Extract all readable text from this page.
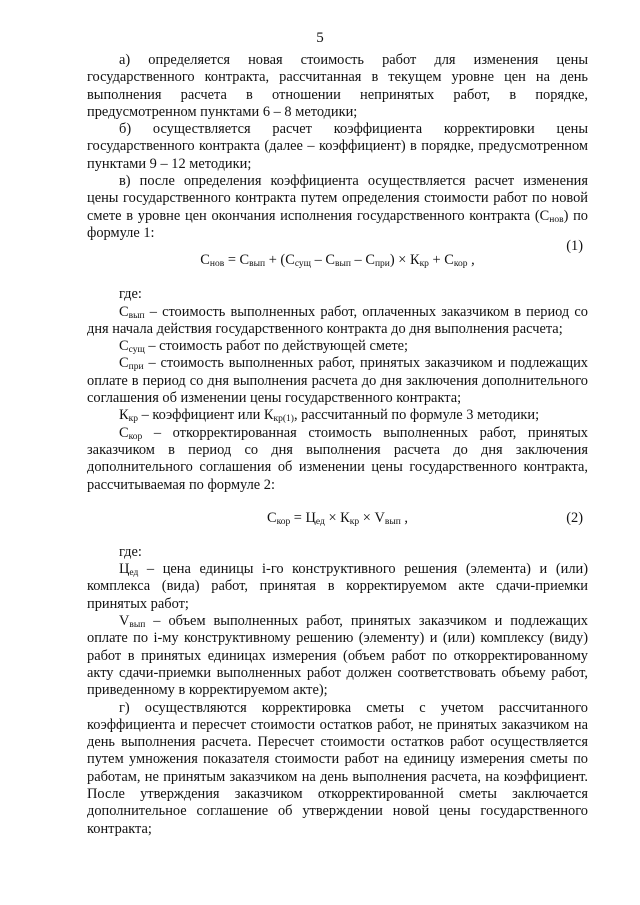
5

а) определяется новая стоимость работ для изменения цены государственного контракта, рассчитанная в текущем уровне цен на день выполнения расчета в отношении непринятых работ, в порядке, предусмотренном пунктами 6 – 8 методики;

б) осуществляется расчет коэффициента корректировки цены государственного контракта (далее – коэффициент) в порядке, предусмотренном пунктами 9 – 12 методики;

в) после определения коэффициента осуществляется расчет изменения цены государственного контракта путем определения стоимости работ по новой смете в уровне цен окончания исполнения государственного контракта $(С_{нов})$ по формуле 1:

$С_{нов} = С_{вып} + (С_{сущ} - С_{вып} - С_{при}) \times К_{кр} + С_{кор}$ ,
(1)

где:

$С_{вып}$ – стоимость выполненных работ, оплаченных заказчиком в период со дня начала действия государственного контракта до дня выполнения расчета;

$С_{сущ}$ – стоимость работ по действующей смете;

$С_{при}$ – стоимость выполненных работ, принятых заказчиком и подлежащих оплате в период со дня выполнения расчета до дня заключения дополнительного соглашения об изменении цены государственного контракта;

$К_{кр}$ – коэффициент или $К_{кр(1)}$, рассчитанный по формуле 3 методики;

$С_{кор}$ – откорректированная стоимость выполненных работ, принятых заказчиком в период со дня выполнения расчета до дня заключения дополнительного соглашения об изменении цены государственного контракта, рассчитываемая по формуле 2:

$С_{кор} = Ц_{ед} \times К_{кр} \times V_{вып}$ ,	(2)

где:

$Ц_{ед}$ – цена единицы i-го конструктивного решения (элемента) и (или) комплекса (вида) работ, принятая в корректируемом акте сдачи-приемки принятых работ;

$V_{вып}$ – объем выполненных работ, принятых заказчиком и подлежащих оплате по i-му конструктивному решению (элементу) и (или) комплексу (виду) работ в принятых единицах измерения (объем работ по откорректированному акту сдачи-приемки выполненных работ должен соответствовать объему работ, приведенному в корректируемом акте);

г) осуществляются корректировка сметы с учетом рассчитанного коэффициента и пересчет стоимости остатков работ, не принятых заказчиком на день выполнения расчета. Пересчет стоимости остатков работ осуществляется путем умножения показателя стоимости работ на единицу измерения сметы по работам, не принятым заказчиком на день выполнения расчета, на коэффициент. После утверждения заказчиком откорректированной сметы заключается дополнительное соглашение об утверждении новой цены государственного контракта;
